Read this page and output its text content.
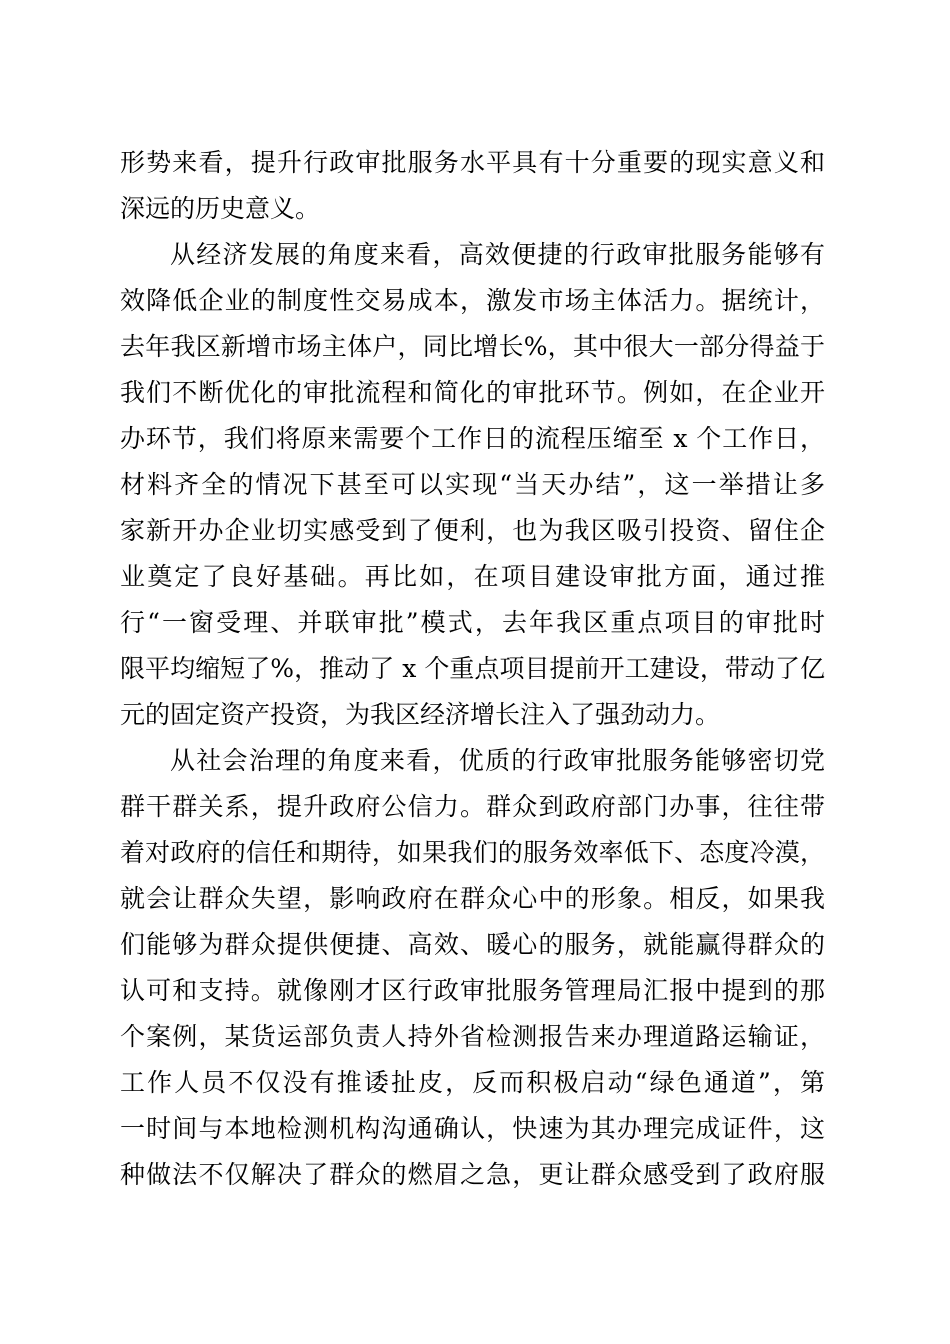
形势来看，提升行政审批服务水平具有十分重要的现实意义和
深远的历史意义。
从经济发展的角度来看，高效便捷的行政审批服务能够有
效降低企业的制度性交易成本，激发市场主体活力。据统计，
去年我区新增市场主体户，同比增长%，其中很大一部分得益于
我们不断优化的审批流程和简化的审批环节。例如，在企业开
办环节，我们将原来需要个工作日的流程压缩至 x 个工作日，
材料齐全的情况下甚至可以实现“当天办结”，这一举措让多
家新开办企业切实感受到了便利，也为我区吸引投资、留住企
业奠定了良好基础。再比如，在项目建设审批方面，通过推
行“一窗受理、并联审批”模式，去年我区重点项目的审批时
限平均缩短了%，推动了 x 个重点项目提前开工建设，带动了亿
元的固定资产投资，为我区经济增长注入了强劲动力。
从社会治理的角度来看，优质的行政审批服务能够密切党
群干群关系，提升政府公信力。群众到政府部门办事，往往带
着对政府的信任和期待，如果我们的服务效率低下、态度冷漠，
就会让群众失望，影响政府在群众心中的形象。相反，如果我
们能够为群众提供便捷、高效、暖心的服务，就能赢得群众的
认可和支持。就像刚才区行政审批服务管理局汇报中提到的那
个案例，某货运部负责人持外省检测报告来办理道路运输证，
工作人员不仅没有推诿扯皮，反而积极启动“绿色通道”，第
一时间与本地检测机构沟通确认，快速为其办理完成证件，这
种做法不仅解决了群众的燃眉之急，更让群众感受到了政府服
